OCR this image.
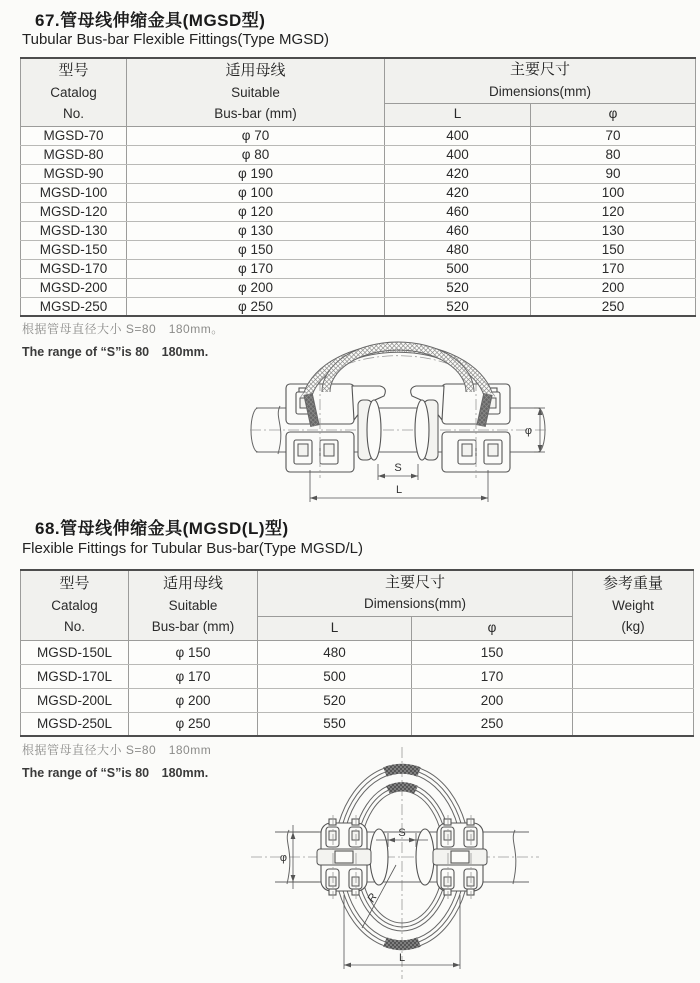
67.管母线伸缩金具(MGSD型)
Tubular Bus-bar Flexible Fittings(Type MGSD)
型号
Catalog
No.

适用母线
Suitable
Bus-bar (mm)

主要尺寸
Dimensions(mm)

		L	φ
MGSD-70	φ 70	400	70
MGSD-80	φ 80	400	80
MGSD-90	φ 190	420	90
MGSD-100	φ 100	420	100
MGSD-120	φ 120	460	120
MGSD-130	φ 130	460	130
MGSD-150	φ 150	480	150
MGSD-170	φ 170	500	170
MGSD-200	φ 200	520	200
MGSD-250	φ 250	520	250

根据管母直径大小 S=80　180mm。

The range of “S”is 80　180mm.

S
L
φ
68.管母线伸缩金具(MGSD(L)型)
Flexible Fittings for Tubular Bus-bar(Type MGSD/L)
型号
Catalog
No.

适用母线
Suitable
Bus-bar (mm)

主要尺寸
Dimensions(mm)

参考重量
Weight
(kg)

		L	φ	
MGSD-150L	φ 150	480	150	
MGSD-170L	φ 170	500	170	
MGSD-200L	φ 200	520	200	
MGSD-250L	φ 250	550	250	

根据管母直径大小 S=80　180mm

The range of “S”is 80　180mm.

S
φ
R
L
